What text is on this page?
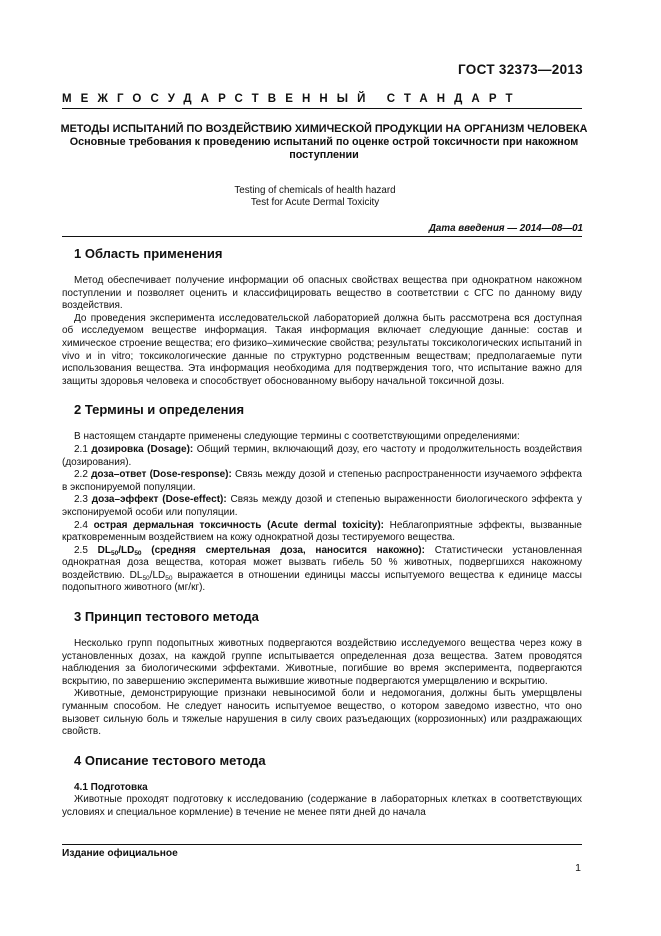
ГОСТ 32373—2013
МЕЖГОСУДАРСТВЕННЫЙ СТАНДАРТ
МЕТОДЫ ИСПЫТАНИЙ ПО ВОЗДЕЙСТВИЮ ХИМИЧЕСКОЙ ПРОДУКЦИИ НА ОРГАНИЗМ ЧЕЛОВЕКА
Основные требования к проведению испытаний по оценке острой токсичности при накожном поступлении
Testing of chemicals of health hazard
Test for Acute Dermal Toxicity
Дата введения — 2014—08—01
1 Область применения

Метод обеспечивает получение информации об опасных свойствах вещества при однократном накожном поступлении и позволяет оценить и классифицировать вещество в соответствии с СГС по данному виду воздействия.

До проведения эксперимента исследовательской лабораторией должна быть рассмотрена вся доступная об исследуемом веществе информация. Такая информация включает следующие данные: состав и химическое строение вещества; его физико–химические свойства; результаты токсикологических испытаний in vivo и in vitro; токсикологические данные по структурно родственным веществам; предполагаемые пути использования вещества. Эта информация необходима для подтверждения того, что испытание важно для защиты здоровья человека и способствует обоснованному выбору начальной токсичной дозы.

2 Термины и определения

В настоящем стандарте применены следующие термины с соответствующими определениями:

2.1 дозировка (Dosage): Общий термин, включающий дозу, его частоту и продолжительность воздействия (дозирования).

2.2 доза–ответ (Dose-response): Связь между дозой и степенью распространенности изучаемого эффекта в экспонируемой популяции.

2.3 доза–эффект (Dose-effect): Связь между дозой и степенью выраженности биологического эффекта у экспонируемой особи или популяции.

2.4 острая дермальная токсичность (Acute dermal toxicity): Неблагоприятные эффекты, вызванные кратковременным воздействием на кожу однократной дозы тестируемого вещества.

2.5 $DL_{50}/LD_{50}$ (средняя смертельная доза, наносится накожно): Статистически установленная однократная доза вещества, которая может вызвать гибель 50 % животных, подвергшихся накожному воздействию. $DL_{50}/LD_{50}$ выражается в отношении единицы массы испытуемого вещества к единице массы подопытного животного (мг/кг).

3 Принцип тестового метода

Несколько групп подопытных животных подвергаются воздействию исследуемого вещества через кожу в установленных дозах, на каждой группе испытывается определенная доза вещества. Затем проводятся наблюдения за биологическими эффектами. Животные, погибшие во время эксперимента, подвергаются вскрытию, по завершению эксперимента выжившие животные подвергаются умерщвлению и вскрытию.

Животные, демонстрирующие признаки невыносимой боли и недомогания, должны быть умерщвлены гуманным способом. Не следует наносить испытуемое вещество, о котором заведомо известно, что оно вызовет сильную боль и тяжелые нарушения в силу своих разъедающих (коррозионных) или раздражающих свойств.

4 Описание тестового метода
4.1 Подготовка

Животные проходят подготовку к исследованию (содержание в лабораторных клетках в соответствующих условиях и специальное кормление) в течение не менее пяти дней до начала

Издание официальное
1
